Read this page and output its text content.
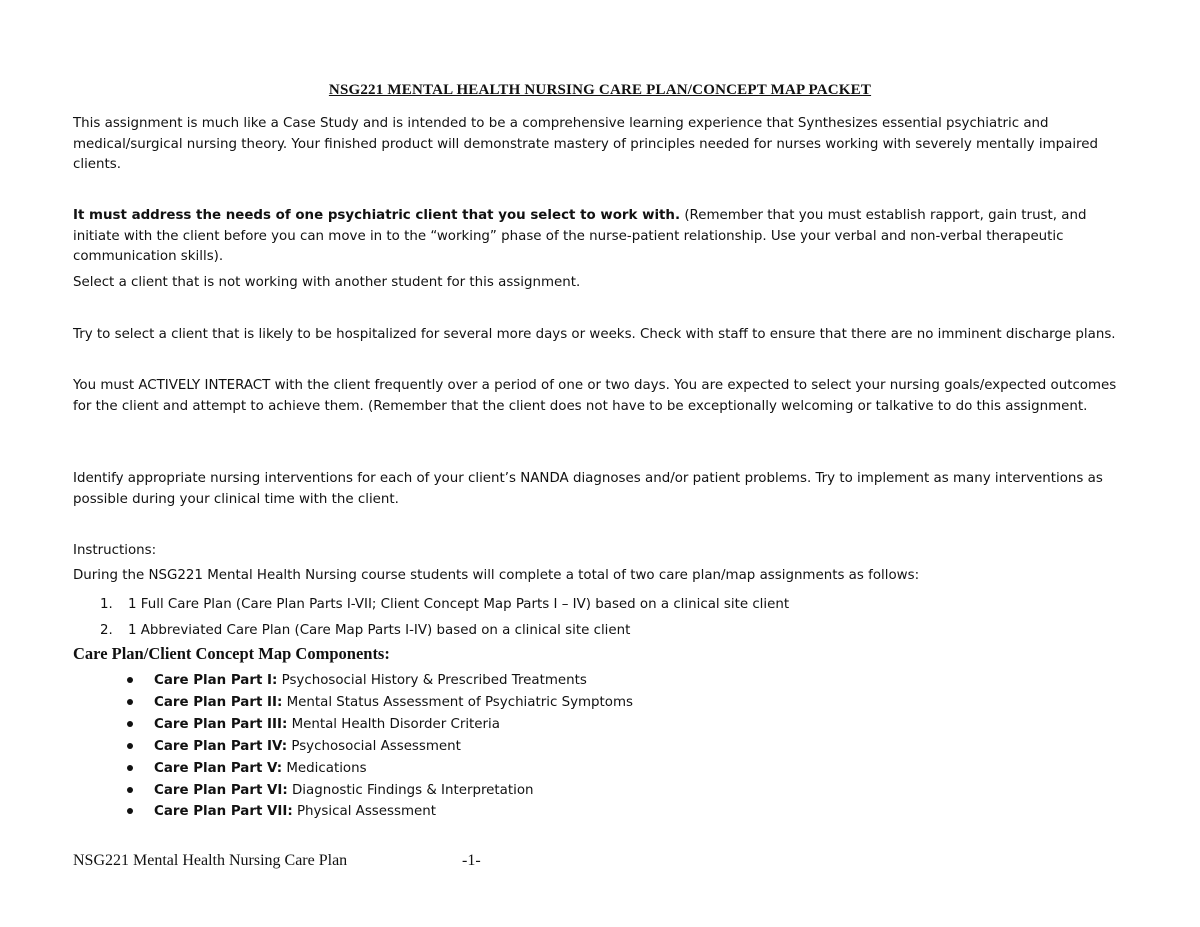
NSG221 MENTAL HEALTH NURSING CARE PLAN/CONCEPT MAP PACKET
This assignment is much like a Case Study and is intended to be a comprehensive learning experience that Synthesizes essential psychiatric and medical/surgical nursing theory. Your finished product will demonstrate mastery of principles needed for nurses working with severely mentally impaired clients.
It must address the needs of one psychiatric client that you select to work with. (Remember that you must establish rapport, gain trust, and initiate with the client before you can move in to the “working” phase of the nurse-patient relationship. Use your verbal and non-verbal therapeutic communication skills).
Select a client that is not working with another student for this assignment.
Try to select a client that is likely to be hospitalized for several more days or weeks. Check with staff to ensure that there are no imminent discharge plans.
You must ACTIVELY INTERACT with the client frequently over a period of one or two days. You are expected to select your nursing goals/expected outcomes for the client and attempt to achieve them. (Remember that the client does not have to be exceptionally welcoming or talkative to do this assignment.
Identify appropriate nursing interventions for each of your client’s NANDA diagnoses and/or patient problems. Try to implement as many interventions as possible during your clinical time with the client.
Instructions:
During the NSG221 Mental Health Nursing course students will complete a total of two care plan/map assignments as follows:
1. 1 Full Care Plan (Care Plan Parts I-VII; Client Concept Map Parts I – IV) based on a clinical site client
2. 1 Abbreviated Care Plan (Care Map Parts I-IV) based on a clinical site client
Care Plan/Client Concept Map Components:
Care Plan Part I: Psychosocial History & Prescribed Treatments
Care Plan Part II: Mental Status Assessment of Psychiatric Symptoms
Care Plan Part III: Mental Health Disorder Criteria
Care Plan Part IV: Psychosocial Assessment
Care Plan Part V: Medications
Care Plan Part VI: Diagnostic Findings & Interpretation
Care Plan Part VII: Physical Assessment
NSG221 Mental Health Nursing Care Plan	-1-
